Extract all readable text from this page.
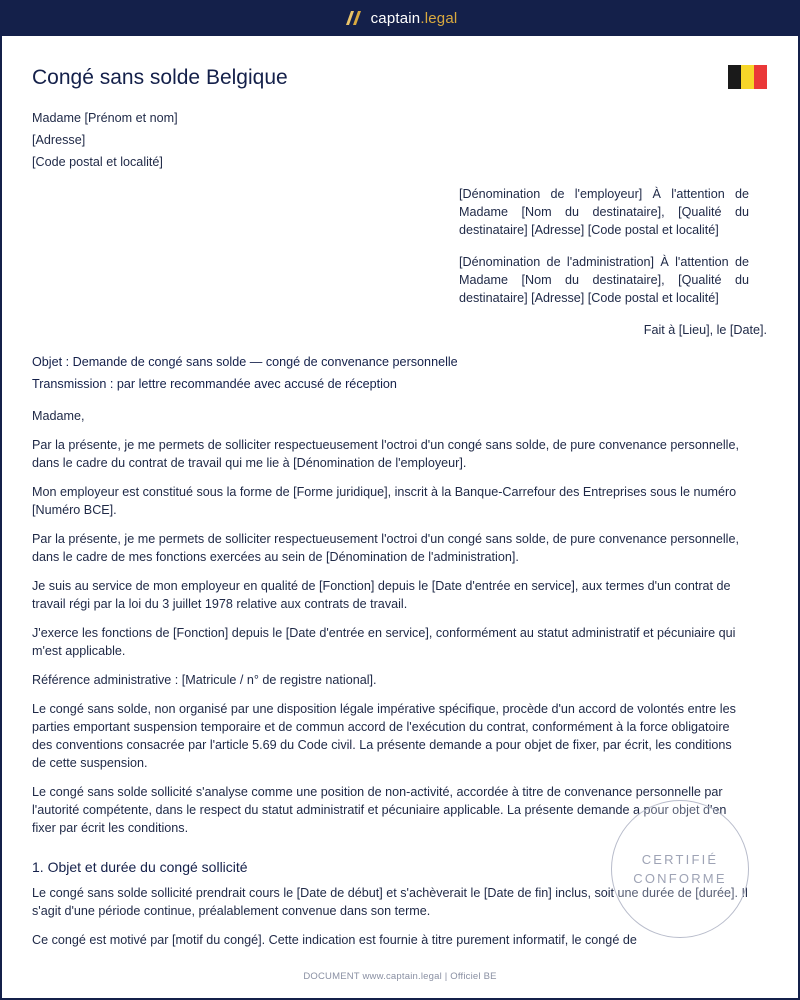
captain.legal
Congé sans solde Belgique
Madame [Prénom et nom]
[Adresse]
[Code postal et localité]

[Dénomination de l'employeur] À l'attention de Madame [Nom du destinataire], [Qualité du destinataire] [Adresse] [Code postal et localité]

[Dénomination de l'administration] À l'attention de Madame [Nom du destinataire], [Qualité du destinataire] [Adresse] [Code postal et localité]

Fait à [Lieu], le [Date].
Objet : Demande de congé sans solde — congé de convenance personnelle
Transmission : par lettre recommandée avec accusé de réception

Madame,

Par la présente, je me permets de solliciter respectueusement l'octroi d'un congé sans solde, de pure convenance personnelle, dans le cadre du contrat de travail qui me lie à [Dénomination de l'employeur].

Mon employeur est constitué sous la forme de [Forme juridique], inscrit à la Banque-Carrefour des Entreprises sous le numéro [Numéro BCE].

Par la présente, je me permets de solliciter respectueusement l'octroi d'un congé sans solde, de pure convenance personnelle, dans le cadre de mes fonctions exercées au sein de [Dénomination de l'administration].

Je suis au service de mon employeur en qualité de [Fonction] depuis le [Date d'entrée en service], aux termes d'un contrat de travail régi par la loi du 3 juillet 1978 relative aux contrats de travail.

J'exerce les fonctions de [Fonction] depuis le [Date d'entrée en service], conformément au statut administratif et pécuniaire qui m'est applicable.

Référence administrative : [Matricule / n° de registre national].

Le congé sans solde, non organisé par une disposition légale impérative spécifique, procède d'un accord de volontés entre les parties emportant suspension temporaire et de commun accord de l'exécution du contrat, conformément à la force obligatoire des conventions consacrée par l'article 5.69 du Code civil. La présente demande a pour objet de fixer, par écrit, les conditions de cette suspension.

Le congé sans solde sollicité s'analyse comme une position de non-activité, accordée à titre de convenance personnelle par l'autorité compétente, dans le respect du statut administratif et pécuniaire applicable. La présente demande a pour objet d'en fixer par écrit les conditions.

1. Objet et durée du congé sollicité

Le congé sans solde sollicité prendrait cours le [Date de début] et s'achèverait le [Date de fin] inclus, soit une durée de [durée]. Il s'agit d'une période continue, préalablement convenue dans son terme.

Ce congé est motivé par [motif du congé]. Cette indication est fournie à titre purement informatif, le congé de

CERTIFIÉ
CONFORME
DOCUMENT www.captain.legal | Officiel BE
